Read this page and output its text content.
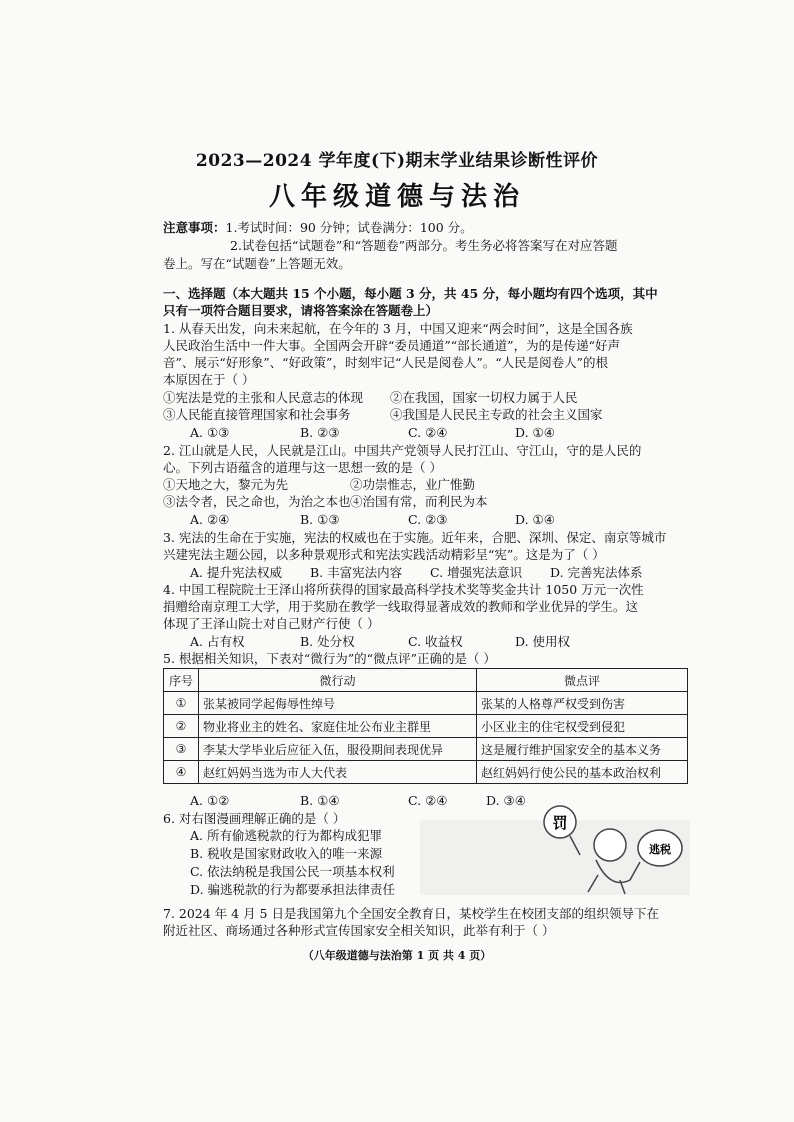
2023—2024 学年度(下)期末学业结果诊断性评价
八年级道德与法治
注意事项：1.考试时间：90 分钟；试卷满分：100 分。
2.试卷包括“试题卷”和“答题卷”两部分。考生务必将答案写在对应答题
卷上。写在“试题卷”上答题无效。
一、选择题（本大题共 15 个小题，每小题 3 分，共 45 分，每小题均有四个选项，其中
只有一项符合题目要求，请将答案涂在答题卷上）
1. 从春天出发，向未来起航，在今年的 3 月，中国又迎来“两会时间”，这是全国各族
人民政治生活中一件大事。全国两会开辟“委员通道”“部长通道”，为的是传递“好声
音”、展示“好形象”、“好政策”，时刻牢记“人民是阅卷人”。“人民是阅卷人”的根
本原因在于（ ）
①宪法是党的主张和人民意志的体现 ②在我国，国家一切权力属于人民
③人民能直接管理国家和社会事务	④我国是人民民主专政的社会主义国家
A. ①③	B. ②③	C. ②④	D. ①④
2. 江山就是人民，人民就是江山。中国共产党领导人民打江山、守江山，守的是人民的
心。下列古语蕴含的道理与这一思想一致的是（ ）
①天地之大，黎元为先	②功崇惟志，业广惟勤
③法令者，民之命也，为治之本也 ④治国有常，而利民为本
A. ②④	B. ①③	C. ②③	D. ①④
3. 宪法的生命在于实施，宪法的权威也在于实施。近年来，合肥、深圳、保定、南京等城市
兴建宪法主题公园，以多种景观形式和宪法实践活动精彩呈“宪”。这是为了（ ）
A. 提升宪法权威 B. 丰富宪法内容 C. 增强宪法意识 D. 完善宪法体系
4. 中国工程院院士王泽山将所获得的国家最高科学技术奖等奖金共计 1050 万元一次性
捐赠给南京理工大学，用于奖励在教学一线取得显著成效的教师和学业优异的学生。这
体现了王泽山院士对自己财产行使（ ）
A. 占有权	B. 处分权	C. 收益权	D. 使用权
5. 根据相关知识，下表对“微行为”的“微点评”正确的是（ ）
序号	微行动	微点评
①	张某被同学起侮辱性绰号	张某的人格尊严权受到伤害
②	物业将业主的姓名、家庭住址公布业主群里	小区业主的住宅权受到侵犯
③	李某大学毕业后应征入伍，服役期间表现优异	这是履行维护国家安全的基本义务
④	赵红妈妈当选为市人大代表	赵红妈妈行使公民的基本政治权利
A. ①②	B. ①④	C. ②④	D. ③④
6. 对右图漫画理解正确的是（ ）
A. 所有偷逃税款的行为都构成犯罪
B. 税收是国家财政收入的唯一来源
C. 依法纳税是我国公民一项基本权利
D. 骗逃税款的行为都要承担法律责任
罚
逃税
7. 2024 年 4 月 5 日是我国第九个全国安全教育日，某校学生在校团支部的组织领导下在
附近社区、商场通过各种形式宣传国家安全相关知识，此举有利于（ ）
（八年级道德与法治第 1 页 共 4 页）
